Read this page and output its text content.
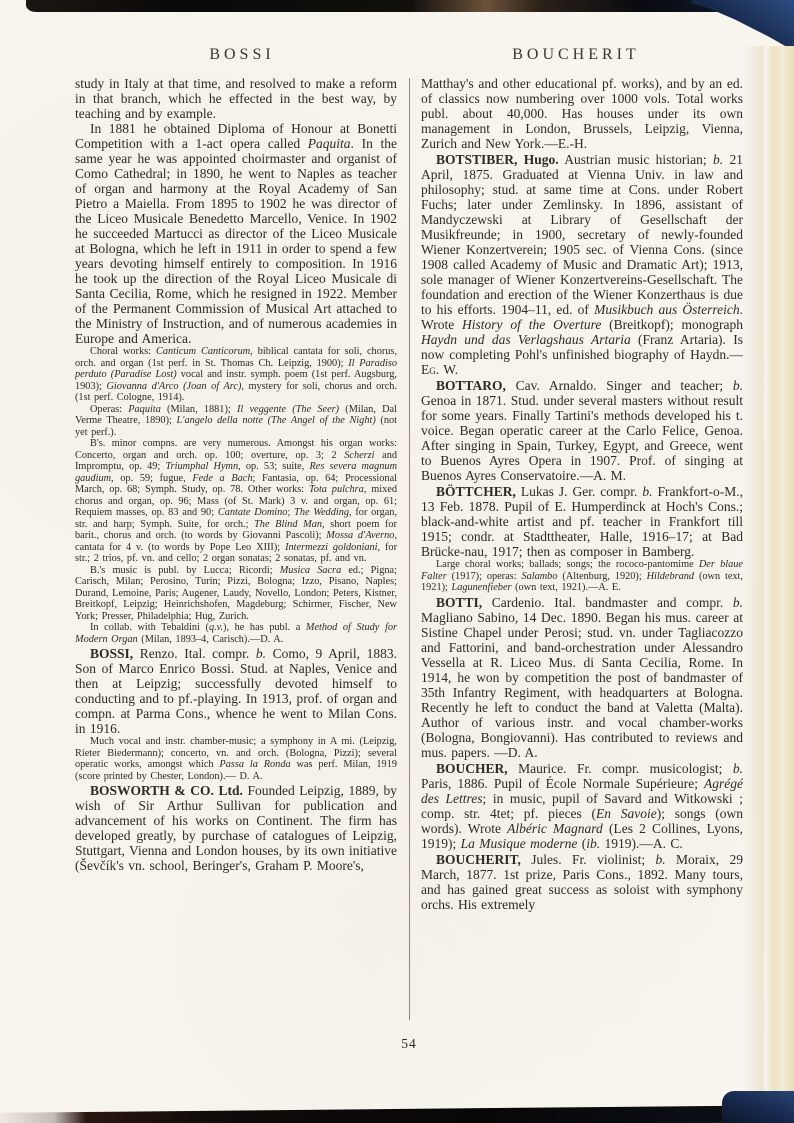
BOSSI	BOUCHERIT

study in Italy at that time, and resolved to make a reform in that branch, which he effected in the best way, by teaching and by example.

In 1881 he obtained Diploma of Honour at Bonetti Competition with a 1-act opera called Paquita. In the same year he was appointed choirmaster and organist of Como Cathedral; in 1890, he went to Naples as teacher of organ and harmony at the Royal Academy of San Pietro a Maiella. From 1895 to 1902 he was director of the Liceo Musicale Benedetto Marcello, Venice. In 1902 he succeeded Martucci as director of the Liceo Musicale at Bologna, which he left in 1911 in order to spend a few years devoting himself entirely to composition. In 1916 he took up the direction of the Royal Liceo Musicale di Santa Cecilia, Rome, which he resigned in 1922. Member of the Permanent Commission of Musical Art attached to the Ministry of Instruction, and of numerous academies in Europe and America.

Choral works: Canticum Canticorum, biblical cantata for soli, chorus, orch. and organ (1st perf. in St. Thomas Ch. Leipzig, 1900); Il Paradiso perduto (Paradise Lost) vocal and instr. symph. poem (1st perf. Augsburg, 1903); Giovanna d'Arco (Joan of Arc), mystery for soli, chorus and orch. (1st perf. Cologne, 1914).

Operas: Paquita (Milan, 1881); Il veggente (The Seer) (Milan, Dal Verme Theatre, 1890); L'angelo della notte (The Angel of the Night) (not yet perf.).

B's. minor compns. are very numerous. Amongst his organ works: Concerto, organ and orch. op. 100; overture, op. 3; 2 Scherzi and Impromptu, op. 49; Triumphal Hymn, op. 53; suite, Res severa magnum gaudium, op. 59; fugue, Fede a Bach; Fantasia, op. 64; Processional March, op. 68; Symph. Study, op. 78. Other works: Tota pulchra, mixed chorus and organ, op. 96; Mass (of St. Mark) 3 v. and organ, op. 61; Requiem masses, op. 83 and 90; Cantate Domino; The Wedding, for organ, str. and harp; Symph. Suite, for orch.; The Blind Man, short poem for barit., chorus and orch. (to words by Giovanni Pascoli); Mossa d'Averno, cantata for 4 v. (to words by Pope Leo XIII); Intermezzi goldoniani, for str.; 2 trios, pf. vn. and cello; 2 organ sonatas; 2 sonatas, pf. and vn.

B.'s music is publ. by Lucca; Ricordi; Musica Sacra ed.; Pigna; Carisch, Milan; Perosino, Turin; Pizzi, Bologna; Izzo, Pisano, Naples; Durand, Lemoine, Paris; Augener, Laudy, Novello, London; Peters, Kistner, Breitkopf, Leipzig; Heinrichshofen, Magdeburg; Schirmer, Fischer, New York; Presser, Philadelphia; Hug, Zurich.

In collab. with Tebaldini (q.v.), he has publ. a Method of Study for Modern Organ (Milan, 1893–4, Carisch).—D. A.

BOSSI, Renzo. Ital. compr. b. Como, 9 April, 1883. Son of Marco Enrico Bossi. Stud. at Naples, Venice and then at Leipzig; successfully devoted himself to conducting and to pf.-playing. In 1913, prof. of organ and compn. at Parma Cons., whence he went to Milan Cons. in 1916.

Much vocal and instr. chamber-music; a symphony in A mi. (Leipzig, Rieter Biedermann); concerto, vn. and orch. (Bologna, Pizzi); several operatic works, amongst which Passa la Ronda was perf. Milan, 1919 (score printed by Chester, London).— D. A.

BOSWORTH & CO. Ltd. Founded Leipzig, 1889, by wish of Sir Arthur Sullivan for publication and advancement of his works on Continent. The firm has developed greatly, by purchase of catalogues of Leipzig, Stuttgart, Vienna and London houses, by its own initiative (Ševčík's vn. school, Beringer's, Graham P. Moore's,

Matthay's and other educational pf. works), and by an ed. of classics now numbering over 1000 vols. Total works publ. about 40,000. Has houses under its own management in London, Brussels, Leipzig, Vienna, Zurich and New York.—E.-H.

BOTSTIBER, Hugo. Austrian music historian; b. 21 April, 1875. Graduated at Vienna Univ. in law and philosophy; stud. at same time at Cons. under Robert Fuchs; later under Zemlinsky. In 1896, assistant of Mandyczewski at Library of Gesellschaft der Musikfreunde; in 1900, secretary of newly-founded Wiener Konzertverein; 1905 sec. of Vienna Cons. (since 1908 called Academy of Music and Dramatic Art); 1913, sole manager of Wiener Konzertvereins-Gesellschaft. The foundation and erection of the Wiener Konzerthaus is due to his efforts. 1904–11, ed. of Musikbuch aus Österreich. Wrote History of the Overture (Breitkopf); monograph Haydn und das Verlagshaus Artaria (Franz Artaria). Is now completing Pohl's unfinished biography of Haydn.—Eg. W.

BOTTARO, Cav. Arnaldo. Singer and teacher; b. Genoa in 1871. Stud. under several masters without result for some years. Finally Tartini's methods developed his t. voice. Began operatic career at the Carlo Felice, Genoa. After singing in Spain, Turkey, Egypt, and Greece, went to Buenos Ayres Opera in 1907. Prof. of singing at Buenos Ayres Conservatoire.—A. M.

BÖTTCHER, Lukas J. Ger. compr. b. Frankfort-o-M., 13 Feb. 1878. Pupil of E. Humperdinck at Hoch's Cons.; black-and-white artist and pf. teacher in Frankfort till 1915; condr. at Stadttheater, Halle, 1916–17; at Bad Brücke-nau, 1917; then as composer in Bamberg.

Large choral works; ballads; songs; the rococo-pantomime Der blaue Falter (1917); operas: Salambo (Altenburg, 1920); Hildebrand (own text, 1921); Lagunenfieber (own text, 1921).—A. E.

BOTTI, Cardenio. Ital. bandmaster and compr. b. Magliano Sabino, 14 Dec. 1890. Began his mus. career at Sistine Chapel under Perosi; stud. vn. under Tagliacozzo and Fattorini, and band-orchestration under Alessandro Vessella at R. Liceo Mus. di Santa Cecilia, Rome. In 1914, he won by competition the post of bandmaster of 35th Infantry Regiment, with headquarters at Bologna. Recently he left to conduct the band at Valetta (Malta). Author of various instr. and vocal chamber-works (Bologna, Bongiovanni). Has contributed to reviews and mus. papers. —D. A.

BOUCHER, Maurice. Fr. compr. musicologist; b. Paris, 1886. Pupil of École Normale Supérieure; Agrégé des Lettres; in music, pupil of Savard and Witkowski ; comp. str. 4tet; pf. pieces (En Savoie); songs (own words). Wrote Albéric Magnard (Les 2 Collines, Lyons, 1919); La Musique moderne (ib. 1919).—A. C.

BOUCHERIT, Jules. Fr. violinist; b. Moraix, 29 March, 1877. 1st prize, Paris Cons., 1892. Many tours, and has gained great success as soloist with symphony orchs. His extremely

54
